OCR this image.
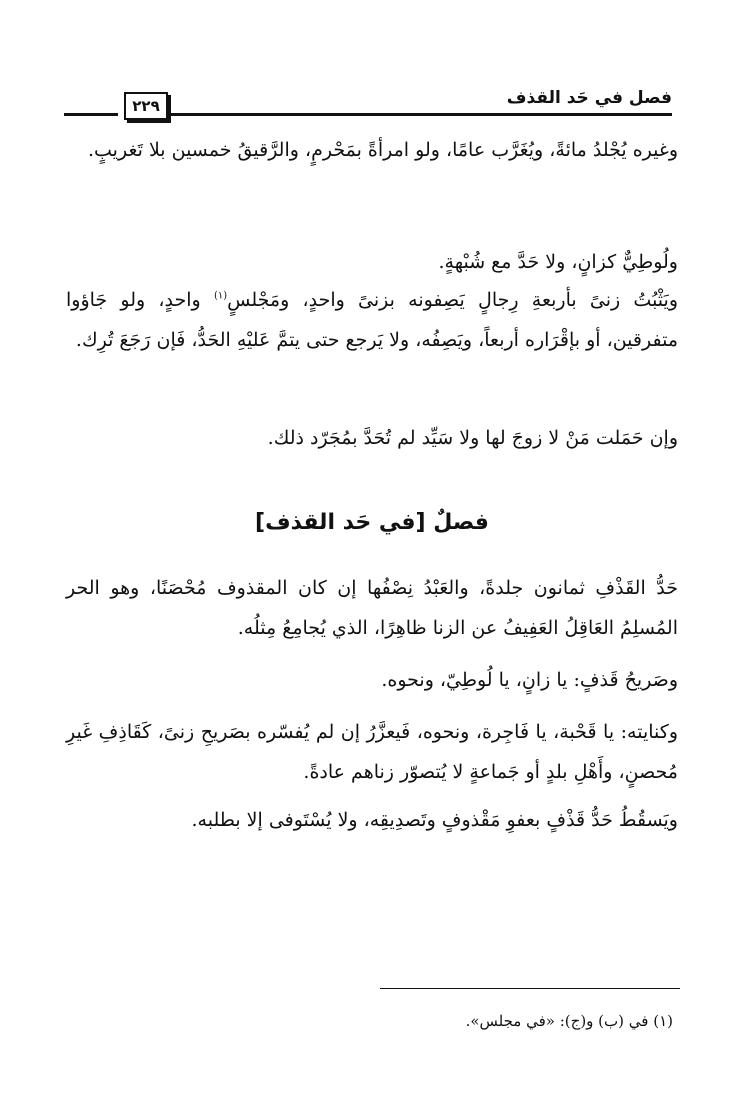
فصل في حَد القذف
٢٢٩

وغيره يُجْلدُ مائةً، ويُغَرَّب عامًا، ولو امرأةً بمَحْرمٍ، والرَّقيقُ خمسين بلا تَغريبٍ.

ولُوطِيٌّ كزانٍ، ولا حَدَّ مع شُبْهةٍ.

ويَثْبُتُ زنىً بأربعةِ رِجالٍ يَصِفونه بزنىً واحدٍ، ومَجْلسٍ$^{(١)}$ واحدٍ، ولو جَاؤوا متفرقين، أو بإقْرَاره أربعاً، ويَصِفُه، ولا يَرجع حتى يتمَّ عَليْهِ الحَدُّ، فَإن رَجَعَ تُرِك.

وإن حَمَلت مَنْ لا زوجَ لها ولا سَيِّد لم تُحَدَّ بمُجَرّد ذلك.

فصلٌ [في حَد القذف]

حَدُّ القَذْفِ ثمانون جلدةً، والعَبْدُ نِصْفُها إن كان المقذوف مُحْصَنًا، وهو الحر المُسلِمُ العَاقِلُ العَفِيفُ عن الزنا ظاهِرًا، الذي يُجامِعُ مِثلُه.

وصَريحُ قَذفٍ: يا زانٍ، يا لُوطِيّ، ونحوه.

وكنايته: يا قَحْبة، يا فَاجِرة، ونحوه، فَيعزَّرُ إن لم يُفسّره بصَريحِ زنىً، كَقَاذِفِ غَيرِ مُحصنٍ، وأَهْلِ بلدٍ أو جَماعةٍ لا يُتصوّر زناهم عادةً.

ويَسقُطُ حَدُّ قَذْفٍ بعفوِ مَقْذوفٍ وتَصدِيقِه، ولا يُسْتَوفى إلا بطلبه.

(١) في (ب) و(ج): «في مجلس».
